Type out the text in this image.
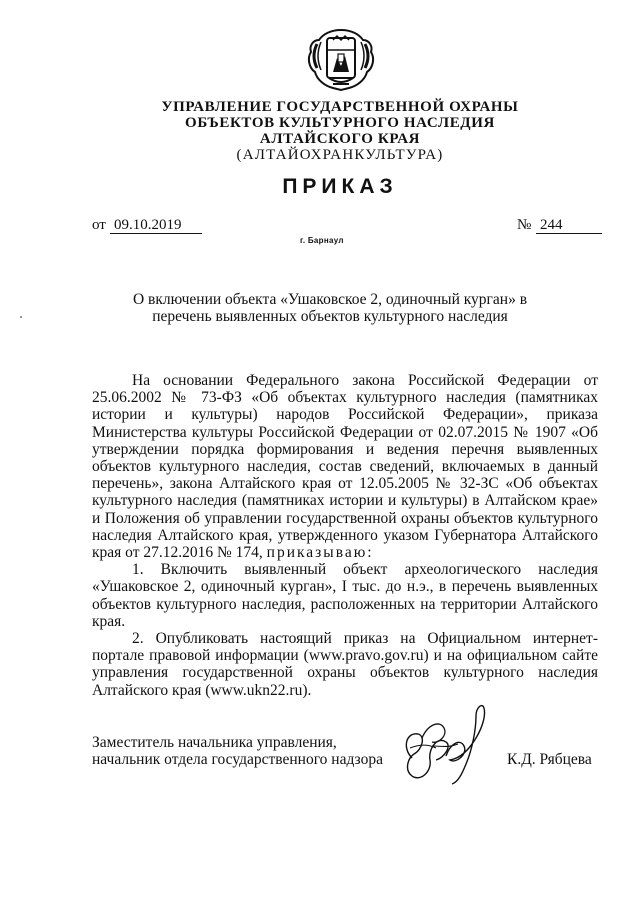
УПРАВЛЕНИЕ ГОСУДАРСТВЕННОЙ ОХРАНЫ
ОБЪЕКТОВ КУЛЬТУРНОГО НАСЛЕДИЯ
АЛТАЙСКОГО КРАЯ
(АЛТАЙОХРАНКУЛЬТУРА)
ПРИКАЗ
от 09.10.2019	№ 244
г. Барнаул
О включении объекта «Ушаковское 2, одиночный курган» в
перечень выявленных объектов культурного наследия

На основании Федерального закона Российской Федерации от 25.06.2002 № 73-ФЗ «Об объектах культурного наследия (памятниках истории и культуры) народов Российской Федерации», приказа Министерства культуры Российской Федерации от 02.07.2015 № 1907 «Об утверждении порядка формирования и ведения перечня выявленных объектов культурного наследия, состав сведений, включаемых в данный перечень», закона Алтайского края от 12.05.2005 № 32-ЗС «Об объектах культурного наследия (памятниках истории и культуры) в Алтайском крае» и Положения об управлении государственной охраны объектов культурного наследия Алтайского края, утвержденного указом Губернатора Алтайского края от 27.12.2016 № 174, приказываю:

1. Включить выявленный объект археологического наследия «Ушаковское 2, одиночный курган», I тыс. до н.э., в перечень выявленных объектов культурного наследия, расположенных на территории Алтайского края.

2. Опубликовать настоящий приказ на Официальном интернет-портале правовой информации (www.pravo.gov.ru) и на официальном сайте управления государственной охраны объектов культурного наследия Алтайского края (www.ukn22.ru).

Заместитель начальника управления,
начальник отдела государственного надзора	К.Д. Рябцева
